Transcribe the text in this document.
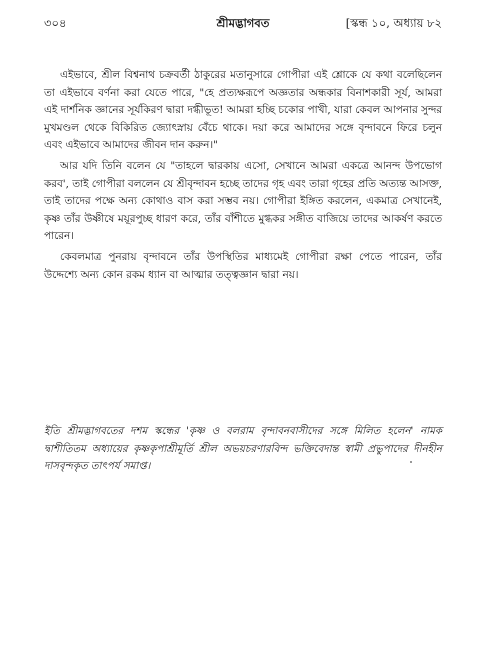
৩০৪	শ্রীমদ্ভাগবত	[স্কন্ধ ১০, অধ্যায় ৮২

এইভাবে, শ্রীল বিশ্বনাথ চক্রবর্তী ঠাকুরের মতানুসারে গোপীরা এই শ্লোকে যে কথা বলেছিলেন তা এইভাবে বর্ণনা করা যেতে পারে, "হে প্রত্যক্ষরূপে অজ্ঞতার অন্ধকার বিনাশকারী সূর্য, আমরা এই দার্শনিক জ্ঞানের সূর্যকিরণ দ্বারা দগ্ধীভূত! আমরা হচ্ছি চকোর পাখী, যারা কেবল আপনার সুন্দর মুখমণ্ডল থেকে বিকিরিত জ্যোৎস্নায় বেঁচে থাকে। দয়া করে আমাদের সঙ্গে বৃন্দাবনে ফিরে চলুন এবং এইভাবে আমাদের জীবন দান করুন।"

আর যদি তিনি বলেন যে "তাহলে দ্বারকায় এসো, সেখানে আমরা একত্রে আনন্দ উপভোগ করব', তাই গোপীরা বললেন যে শ্রীবৃন্দাবন হচ্ছে তাদের গৃহ এবং তারা গৃহের প্রতি অত্যন্ত আসক্ত, তাই তাদের পক্ষে অন্য কোথাও বাস করা সম্ভব নয়। গোপীরা ইঙ্গিত করলেন, একমাত্র সেখানেই, কৃষ্ণ তাঁর উষ্ণীষে ময়ূরপুচ্ছ ধারণ করে, তাঁর বাঁশীতে মুগ্ধকর সঙ্গীত বাজিয়ে তাদের আকর্ষণ করতে পারেন।

কেবলমাত্র পুনরায় বৃন্দাবনে তাঁর উপস্থিতির মাধ্যমেই গোপীরা রক্ষা পেতে পারেন, তাঁর উদ্দেশ্যে অন্য কোন রকম ধ্যান বা আত্মার তত্ত্বজ্ঞান দ্বারা নয়।

ইতি শ্রীমদ্ভাগবতের দশম স্কন্ধের 'কৃষ্ণ ও বলরাম বৃন্দাবনবাসীদের সঙ্গে মিলিত হলেন' নামক দ্বাশীতিতম অধ্যায়ের কৃষ্ণকৃপাশ্রীমূর্তি শ্রীল অভয়চরণারবিন্দ ভক্তিবেদান্ত স্বামী প্রভুপাদের দীনহীন দাসবৃন্দকৃত তাৎপর্য সমাপ্ত।
